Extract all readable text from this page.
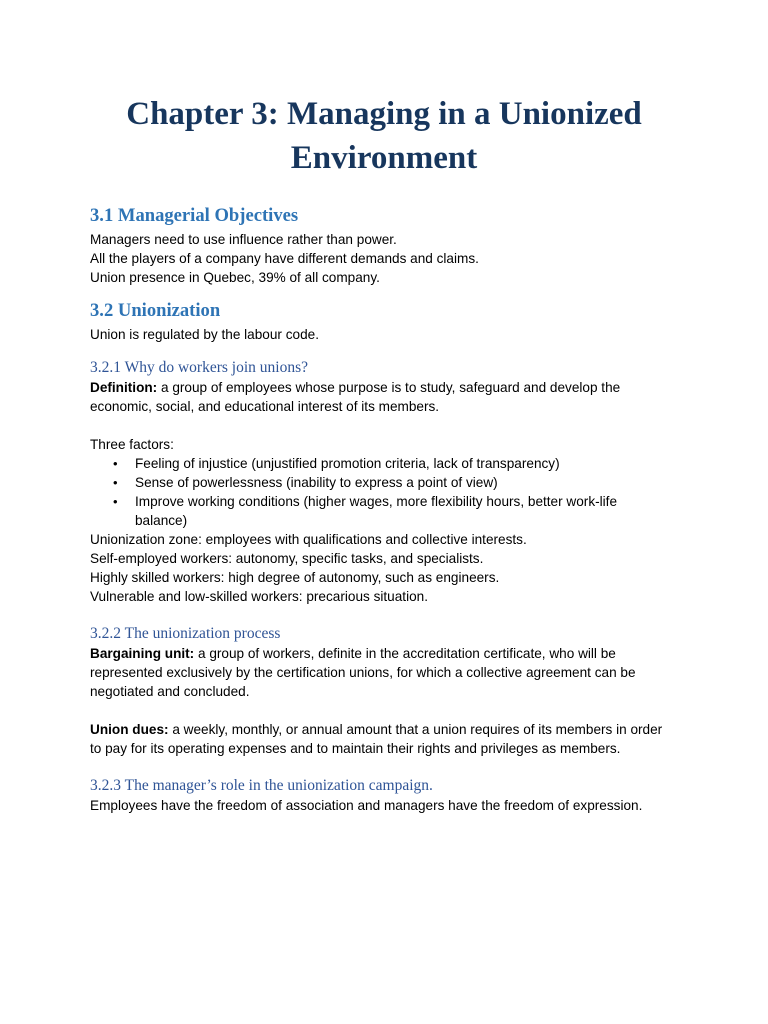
Chapter 3: Managing in a Unionized
Environment
3.1 Managerial Objectives

Managers need to use influence rather than power.

All the players of a company have different demands and claims.

Union presence in Quebec, 39% of all company.

3.2 Unionization

Union is regulated by the labour code.

3.2.1 Why do workers join unions?

Definition: a group of employees whose purpose is to study, safeguard and develop the

economic, social, and educational interest of its members.

Three factors:

• Feeling of injustice (unjustified promotion criteria, lack of transparency)
• Sense of powerlessness (inability to express a point of view)
• Improve working conditions (higher wages, more flexibility hours, better work-life balance)

Unionization zone: employees with qualifications and collective interests.

Self-employed workers: autonomy, specific tasks, and specialists.

Highly skilled workers: high degree of autonomy, such as engineers.

Vulnerable and low-skilled workers: precarious situation.

3.2.2 The unionization process

Bargaining unit: a group of workers, definite in the accreditation certificate, who will be

represented exclusively by the certification unions, for which a collective agreement can be

negotiated and concluded.

Union dues: a weekly, monthly, or annual amount that a union requires of its members in order

to pay for its operating expenses and to maintain their rights and privileges as members.

3.2.3 The manager’s role in the unionization campaign.

Employees have the freedom of association and managers have the freedom of expression.
